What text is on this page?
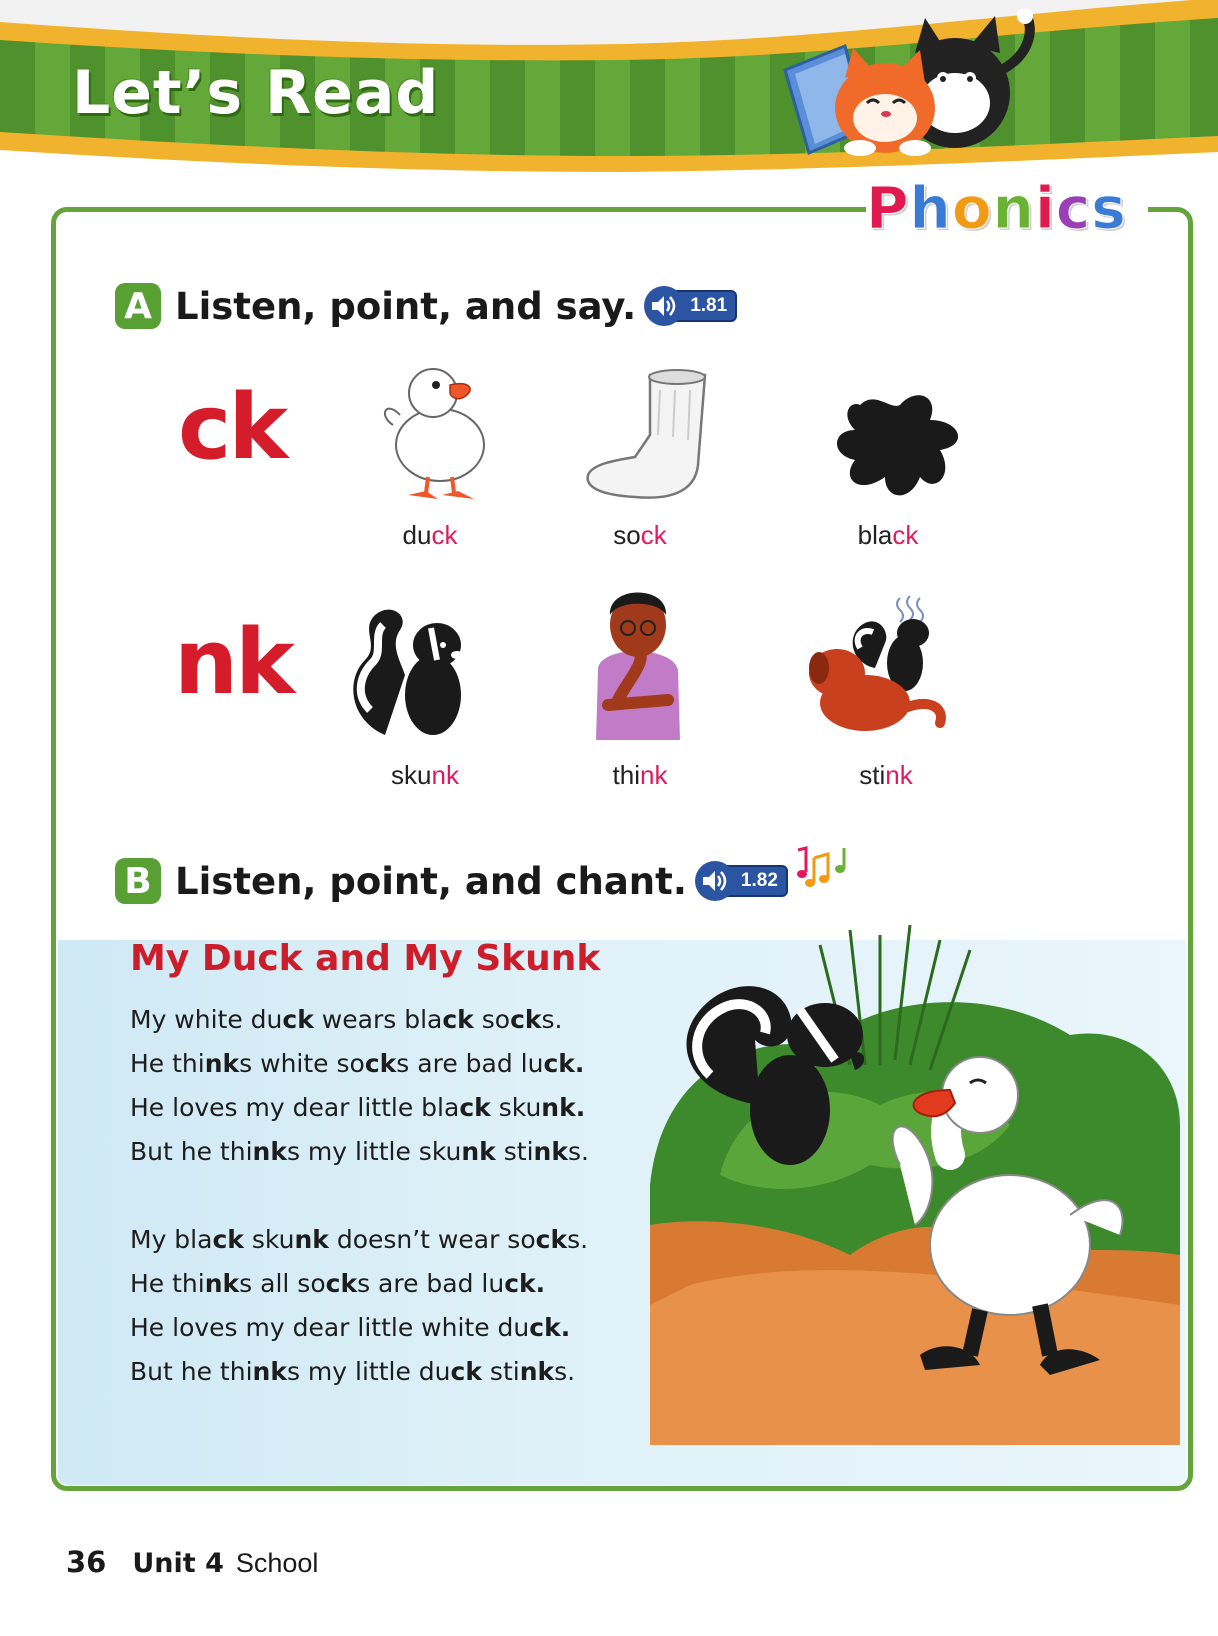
Let’s Read
Phonics
A Listen, point, and say.	1.81
ck
nk
duck	sock	black
skunk	think	stink
B Listen, point, and chant.	1.82
My Duck and My Skunk
My white duck wears black socks.
He thinks white socks are bad luck.
He loves my dear little black skunk.
But he thinks my little skunk stinks.
My black skunk doesn’t wear socks.
He thinks all socks are bad luck.
He loves my dear little white duck.
But he thinks my little duck stinks.
36 Unit 4 School
